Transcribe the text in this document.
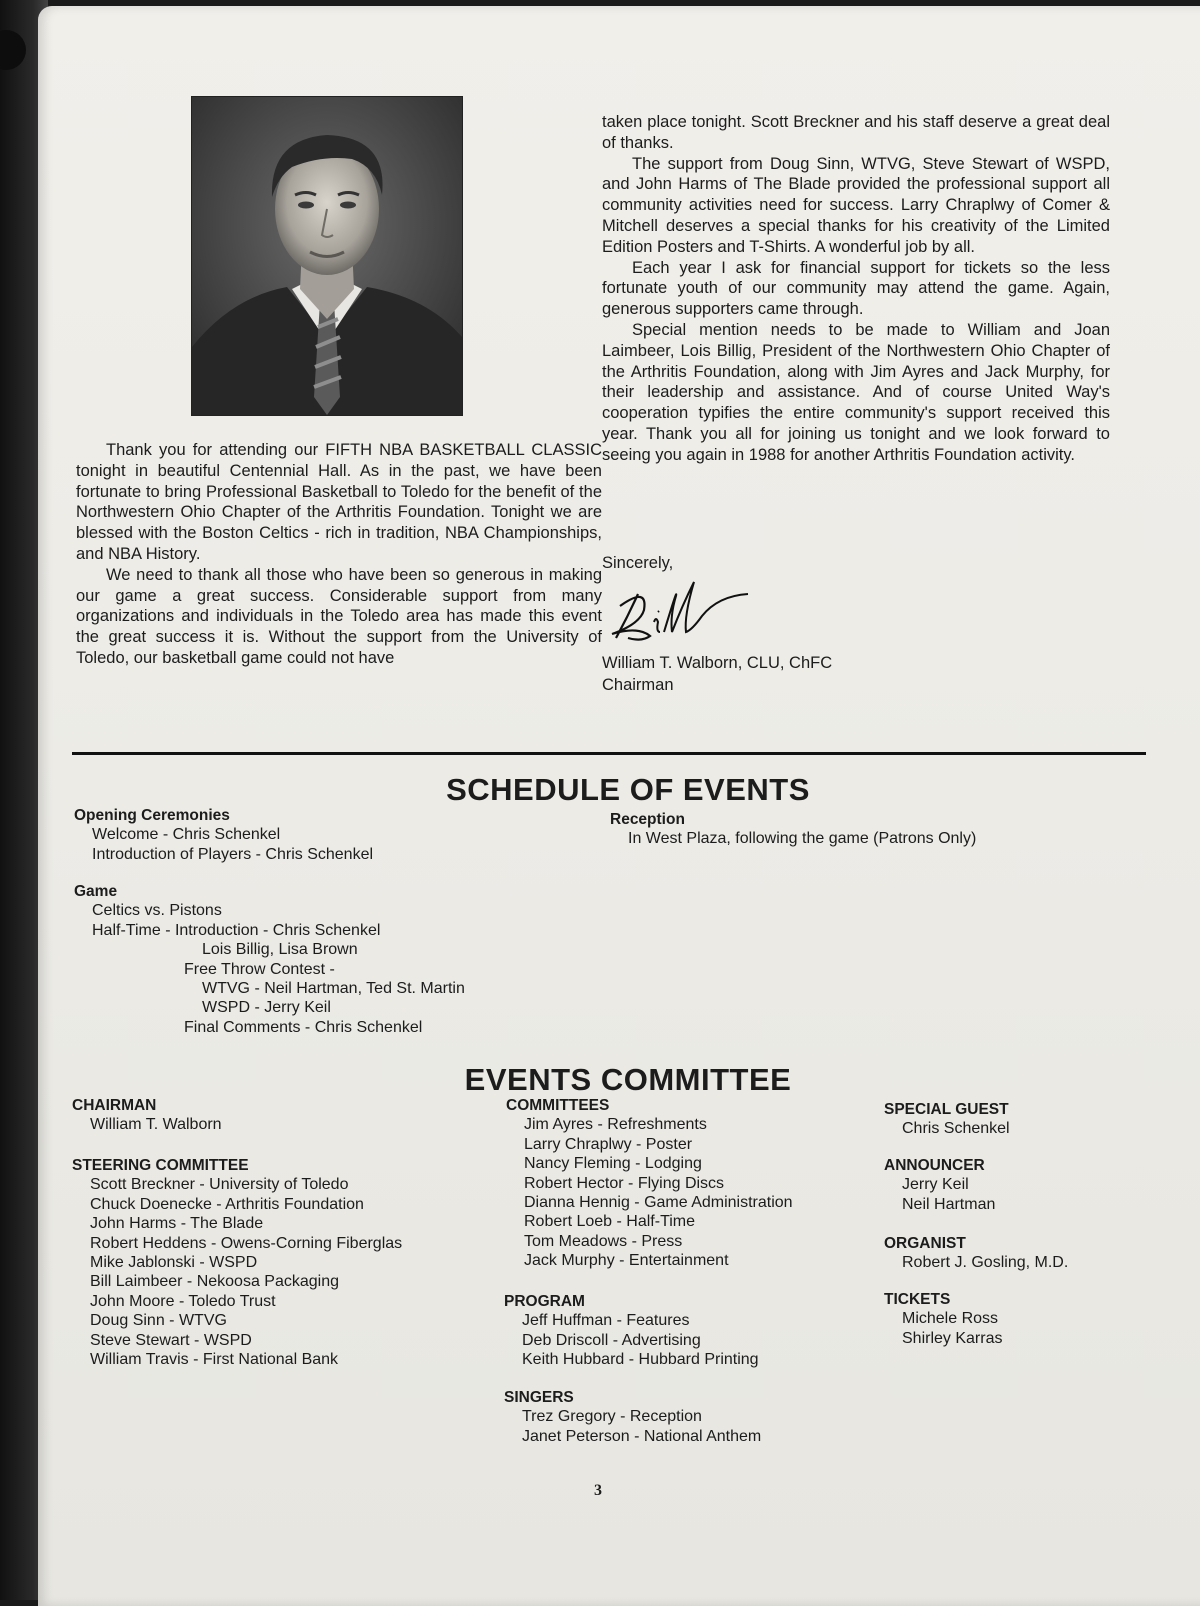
Thank you for attending our FIFTH NBA BASKETBALL CLASSIC tonight in beautiful Centennial Hall. As in the past, we have been fortunate to bring Professional Basketball to Toledo for the benefit of the Northwestern Ohio Chapter of the Arthritis Foundation. Tonight we are blessed with the Boston Celtics - rich in tradition, NBA Championships, and NBA History.

We need to thank all those who have been so generous in making our game a great success. Considerable support from many organizations and individuals in the Toledo area has made this event the great success it is. Without the support from the University of Toledo, our basketball game could not have

taken place tonight. Scott Breckner and his staff deserve a great deal of thanks.

The support from Doug Sinn, WTVG, Steve Stewart of WSPD, and John Harms of The Blade provided the professional support all community activities need for success. Larry Chraplwy of Comer & Mitchell deserves a special thanks for his creativity of the Limited Edition Posters and T-Shirts. A wonderful job by all.

Each year I ask for financial support for tickets so the less fortunate youth of our community may attend the game. Again, generous supporters came through.

Special mention needs to be made to William and Joan Laimbeer, Lois Billig, President of the Northwestern Ohio Chapter of the Arthritis Foundation, along with Jim Ayres and Jack Murphy, for their leadership and assistance. And of course United Way's cooperation typifies the entire community's support received this year. Thank you all for joining us tonight and we look forward to seeing you again in 1988 for another Arthritis Foundation activity.

Sincerely,
William T. Walborn, CLU, ChFC
Chairman
SCHEDULE OF EVENTS
Opening Ceremonies
Welcome - Chris Schenkel
Introduction of Players - Chris Schenkel
Reception
In West Plaza, following the game (Patrons Only)
Game
Celtics vs. Pistons
Half-Time - Introduction - Chris Schenkel
Lois Billig, Lisa Brown
Free Throw Contest -
WTVG - Neil Hartman, Ted St. Martin
WSPD - Jerry Keil
Final Comments - Chris Schenkel
EVENTS COMMITTEE
CHAIRMAN
William T. Walborn
STEERING COMMITTEE
Scott Breckner - University of Toledo
Chuck Doenecke - Arthritis Foundation
John Harms - The Blade
Robert Heddens - Owens-Corning Fiberglas
Mike Jablonski - WSPD
Bill Laimbeer - Nekoosa Packaging
John Moore - Toledo Trust
Doug Sinn - WTVG
Steve Stewart - WSPD
William Travis - First National Bank
COMMITTEES
Jim Ayres - Refreshments
Larry Chraplwy - Poster
Nancy Fleming - Lodging
Robert Hector - Flying Discs
Dianna Hennig - Game Administration
Robert Loeb - Half-Time
Tom Meadows - Press
Jack Murphy - Entertainment
PROGRAM
Jeff Huffman - Features
Deb Driscoll - Advertising
Keith Hubbard - Hubbard Printing
SINGERS
Trez Gregory - Reception
Janet Peterson - National Anthem
SPECIAL GUEST
Chris Schenkel
ANNOUNCER
Jerry Keil
Neil Hartman
ORGANIST
Robert J. Gosling, M.D.
TICKETS
Michele Ross
Shirley Karras
3
